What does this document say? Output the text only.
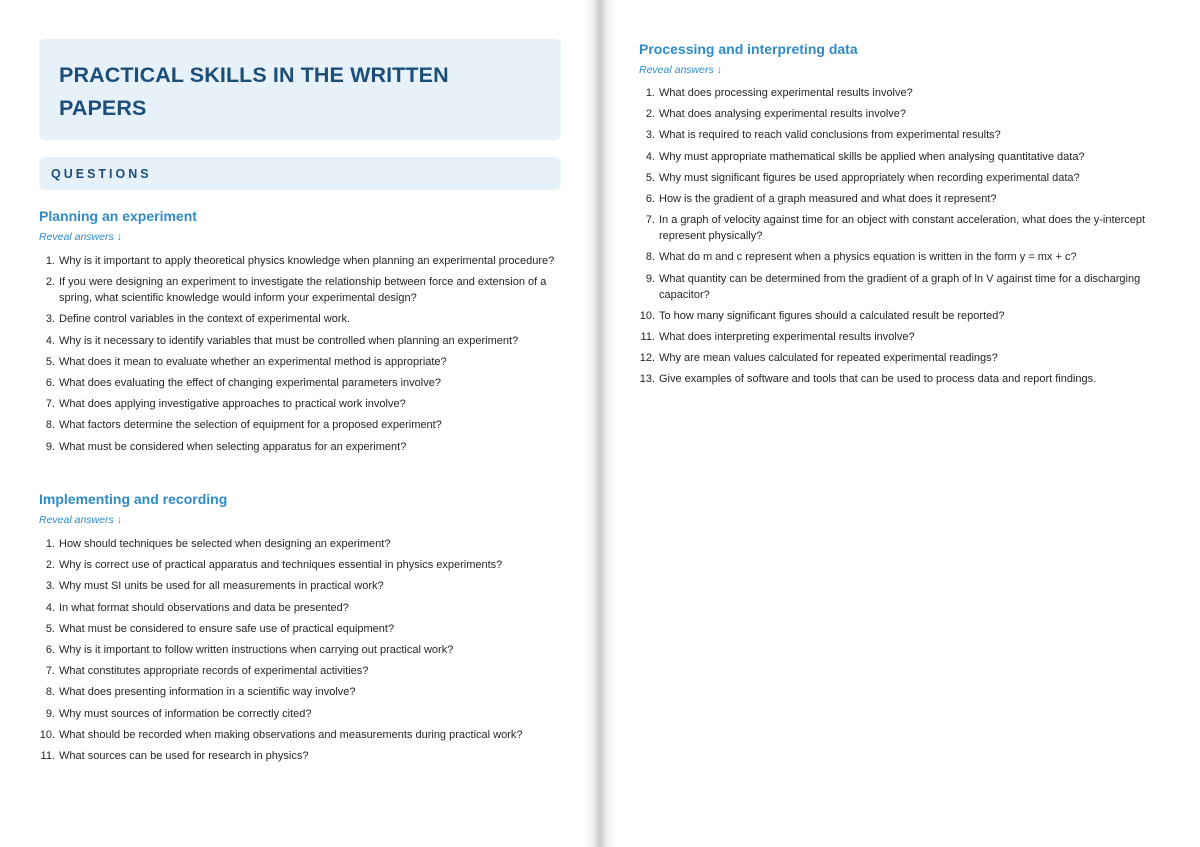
PRACTICAL SKILLS IN THE WRITTEN PAPERS
QUESTIONS
Planning an experiment
Reveal answers ↓
1. Why is it important to apply theoretical physics knowledge when planning an experimental procedure?
2. If you were designing an experiment to investigate the relationship between force and extension of a spring, what scientific knowledge would inform your experimental design?
3. Define control variables in the context of experimental work.
4. Why is it necessary to identify variables that must be controlled when planning an experiment?
5. What does it mean to evaluate whether an experimental method is appropriate?
6. What does evaluating the effect of changing experimental parameters involve?
7. What does applying investigative approaches to practical work involve?
8. What factors determine the selection of equipment for a proposed experiment?
9. What must be considered when selecting apparatus for an experiment?
Implementing and recording
Reveal answers ↓
1. How should techniques be selected when designing an experiment?
2. Why is correct use of practical apparatus and techniques essential in physics experiments?
3. Why must SI units be used for all measurements in practical work?
4. In what format should observations and data be presented?
5. What must be considered to ensure safe use of practical equipment?
6. Why is it important to follow written instructions when carrying out practical work?
7. What constitutes appropriate records of experimental activities?
8. What does presenting information in a scientific way involve?
9. Why must sources of information be correctly cited?
10. What should be recorded when making observations and measurements during practical work?
11. What sources can be used for research in physics?
Processing and interpreting data
Reveal answers ↓
1. What does processing experimental results involve?
2. What does analysing experimental results involve?
3. What is required to reach valid conclusions from experimental results?
4. Why must appropriate mathematical skills be applied when analysing quantitative data?
5. Why must significant figures be used appropriately when recording experimental data?
6. How is the gradient of a graph measured and what does it represent?
7. In a graph of velocity against time for an object with constant acceleration, what does the y-intercept represent physically?
8. What do m and c represent when a physics equation is written in the form y = mx + c?
9. What quantity can be determined from the gradient of a graph of ln V against time for a discharging capacitor?
10. To how many significant figures should a calculated result be reported?
11. What does interpreting experimental results involve?
12. Why are mean values calculated for repeated experimental readings?
13. Give examples of software and tools that can be used to process data and report findings.
